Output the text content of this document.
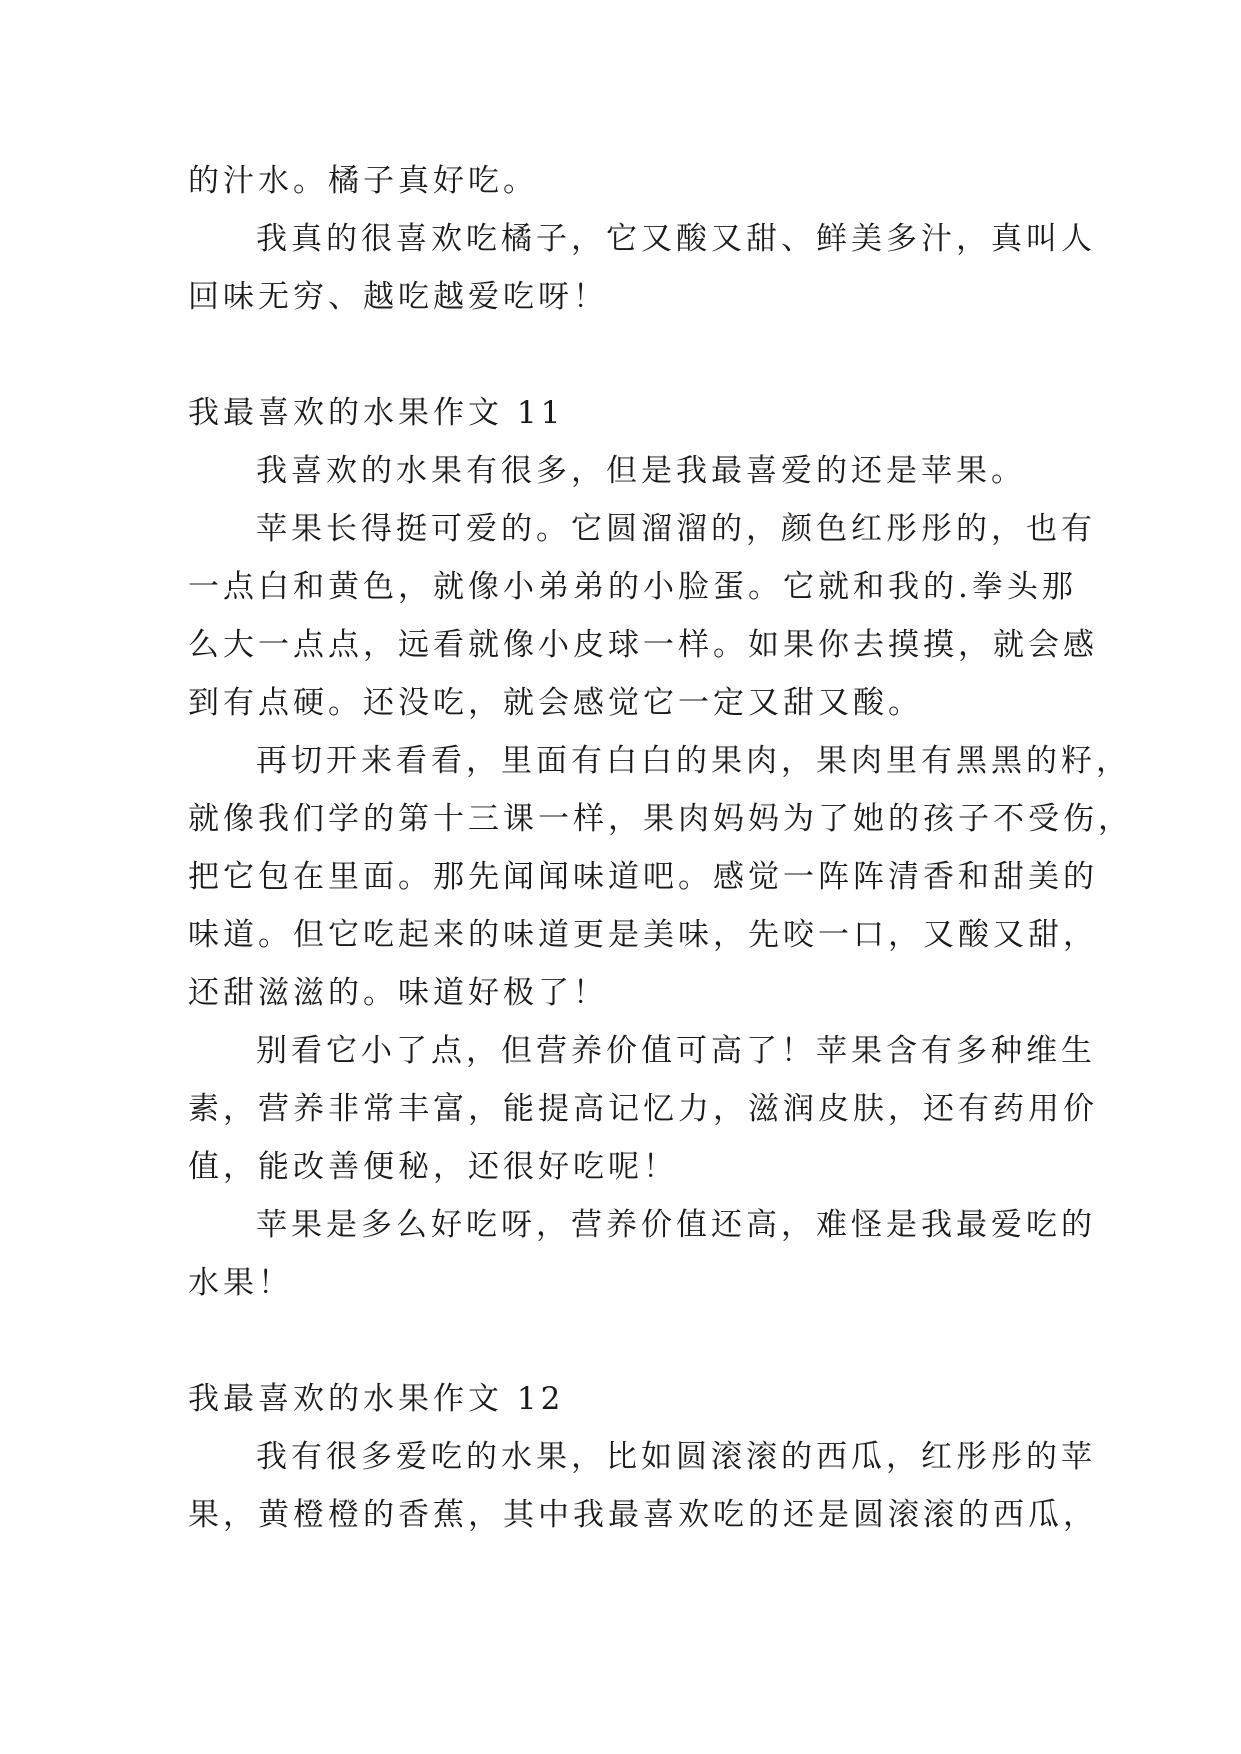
的汁水。橘子真好吃。
我真的很喜欢吃橘子，它又酸又甜、鲜美多汁，真叫人
回味无穷、越吃越爱吃呀！
我最喜欢的水果作文 11
我喜欢的水果有很多，但是我最喜爱的还是苹果。
苹果长得挺可爱的。它圆溜溜的，颜色红彤彤的，也有
一点白和黄色，就像小弟弟的小脸蛋。它就和我的.拳头那
么大一点点，远看就像小皮球一样。如果你去摸摸，就会感
到有点硬。还没吃，就会感觉它一定又甜又酸。
再切开来看看，里面有白白的果肉，果肉里有黑黑的籽，
就像我们学的第十三课一样，果肉妈妈为了她的孩子不受伤，
把它包在里面。那先闻闻味道吧。感觉一阵阵清香和甜美的
味道。但它吃起来的味道更是美味，先咬一口，又酸又甜，
还甜滋滋的。味道好极了！
别看它小了点，但营养价值可高了！苹果含有多种维生
素，营养非常丰富，能提高记忆力，滋润皮肤，还有药用价
值，能改善便秘，还很好吃呢！
苹果是多么好吃呀，营养价值还高，难怪是我最爱吃的
水果！
我最喜欢的水果作文 12
我有很多爱吃的水果，比如圆滚滚的西瓜，红彤彤的苹
果，黄橙橙的香蕉，其中我最喜欢吃的还是圆滚滚的西瓜，
